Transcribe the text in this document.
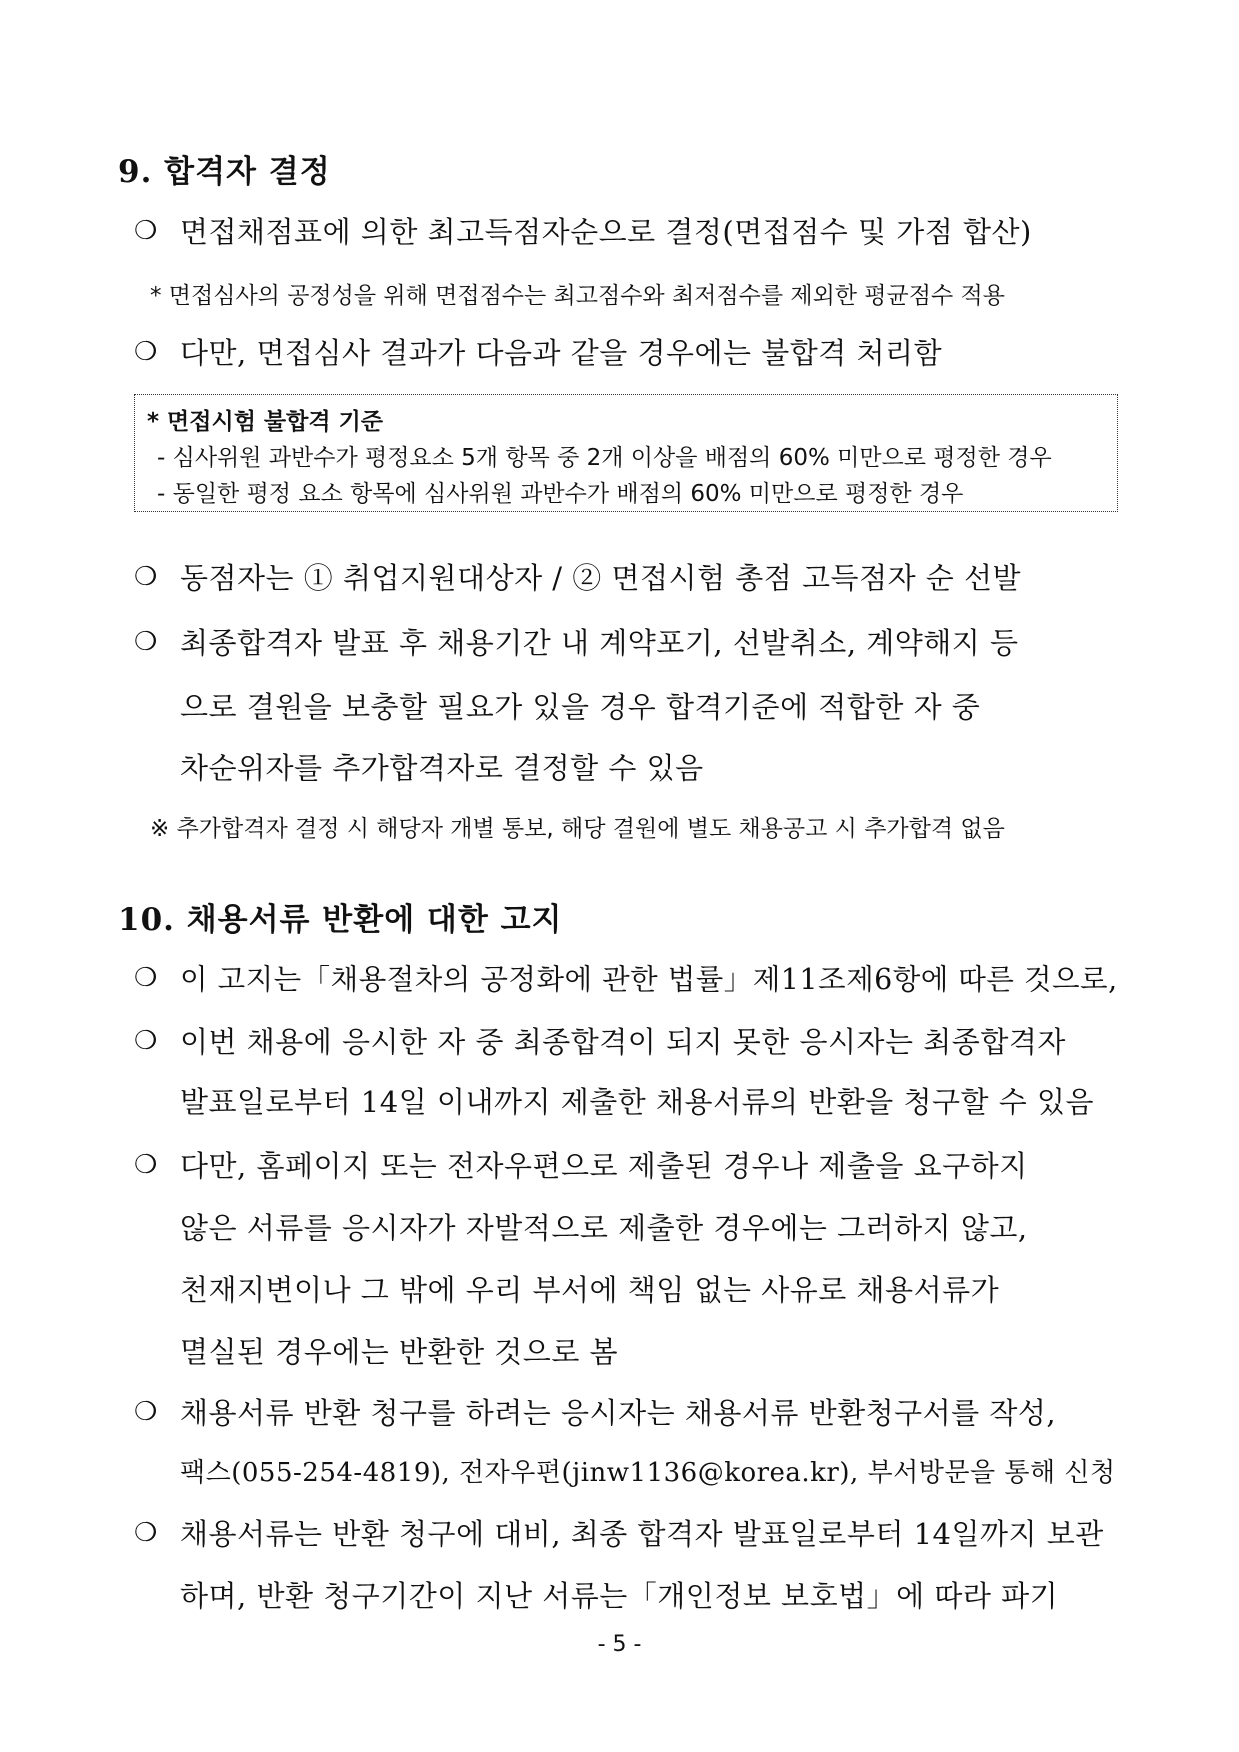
9. 합격자 결정
❍ 면접채점표에 의한 최고득점자순으로 결정(면접점수 및 가점 합산)
* 면접심사의 공정성을 위해 면접점수는 최고점수와 최저점수를 제외한 평균점수 적용
❍ 다만, 면접심사 결과가 다음과 같을 경우에는 불합격 처리함
* 면접시험 불합격 기준
- 심사위원 과반수가 평정요소 5개 항목 중 2개 이상을 배점의 60% 미만으로 평정한 경우
- 동일한 평정 요소 항목에 심사위원 과반수가 배점의 60% 미만으로 평정한 경우
❍ 동점자는 ① 취업지원대상자 / ② 면접시험 총점 고득점자 순 선발
❍ 최종합격자 발표 후 채용기간 내 계약포기, 선발취소, 계약해지 등
으로 결원을 보충할 필요가 있을 경우 합격기준에 적합한 자 중
차순위자를 추가합격자로 결정할 수 있음
※ 추가합격자 결정 시 해당자 개별 통보, 해당 결원에 별도 채용공고 시 추가합격 없음
10. 채용서류 반환에 대한 고지
❍ 이 고지는「채용절차의 공정화에 관한 법률」제11조제6항에 따른 것으로,
❍ 이번 채용에 응시한 자 중 최종합격이 되지 못한 응시자는 최종합격자
발표일로부터 14일 이내까지 제출한 채용서류의 반환을 청구할 수 있음
❍ 다만, 홈페이지 또는 전자우편으로 제출된 경우나 제출을 요구하지
않은 서류를 응시자가 자발적으로 제출한 경우에는 그러하지 않고,
천재지변이나 그 밖에 우리 부서에 책임 없는 사유로 채용서류가
멸실된 경우에는 반환한 것으로 봄
❍ 채용서류 반환 청구를 하려는 응시자는 채용서류 반환청구서를 작성,
팩스(055-254-4819), 전자우편(jinw1136@korea.kr), 부서방문을 통해 신청
❍ 채용서류는 반환 청구에 대비, 최종 합격자 발표일로부터 14일까지 보관
하며, 반환 청구기간이 지난 서류는「개인정보 보호법」에 따라 파기
- 5 -
